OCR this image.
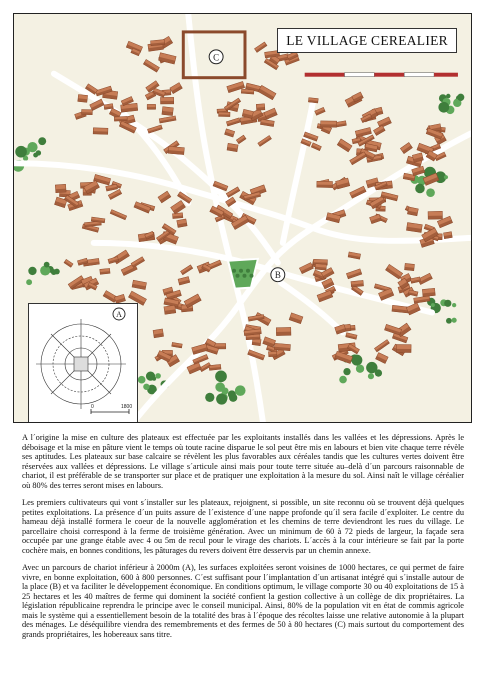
C
B
LE VILLAGE CEREALIER
A
0	1800

A l´origine la mise en culture des plateaux est effectuée par les exploitants installés dans les vallées et les dépressions. Après le déboisage et la mise en pâture vient le temps où toute racine disparue le sol peut être mis en labours et bien vite chaque terre révèle ses aptitudes. Les plateaux sur base calcaire se révèlent les plus favorables aux céréales tandis que les cultures vertes doivent être réservées aux vallées et dépressions. Le village s´articule ainsi mais pour toute terre située au–delà d´un parcours raisonnable de chariot, il est préférable de se transporter sur place et de pratiquer une exploitation à la mesure du sol. Ainsi naît le village céréalier où 80% des terres seront mises en labours.

Les premiers cultivateurs qui vont s´installer sur les plateaux, rejoignent, si possible, un site reconnu où se trouvent déjà quelques petites exploitations. La présence d´un puits assure de l´existence d´une nappe profonde qu´il sera facile d´exploiter. Le centre du hameau déjà installé formera le coeur de la nouvelle agglomération et les chemins de terre deviendront les rues du village. Le parcellaire choisi correspond à la ferme de troisième génération. Avec un minimum de 60 à 72 pieds de largeur, la façade sera occupée par une grange étable avec 4 ou 5m de recul pour le virage des chariots. L´accès à la cour intérieure se fait par la porte cochère mais, en bonnes conditions, les pâturages du revers doivent être desservis par un chemin annexe.

Avec un parcours de chariot inférieur à 2000m (A), les surfaces exploitées seront voisines de 1000 hectares, ce qui permet de faire vivre, en bonne exploitation, 600 à 800 personnes. C´est suffisant pour l´implantation d´un artisanat intégré qui s´installe autour de la place (B) et va faciliter le développement économique. En conditions optimum, le village comporte 30 ou 40 exploitations de 15 à 25 hectares et les 40 maîtres de ferme qui dominent la société confient la gestion collective à un collège de dix propriétaires. La législation républicaine reprendra le principe avec le conseil municipal. Ainsi, 80% de la population vit en état de commis agricole mais le système qui a essentiellement besoin de la totalité des bras à l´époque des récoltes laisse une relative autonomie à la plupart des ménages. Le déséquilibre viendra des remembrements et des fermes de 50 à 80 hectares (C) mais surtout du comportement des grands propriétaires, les hobereaux sans titre.
